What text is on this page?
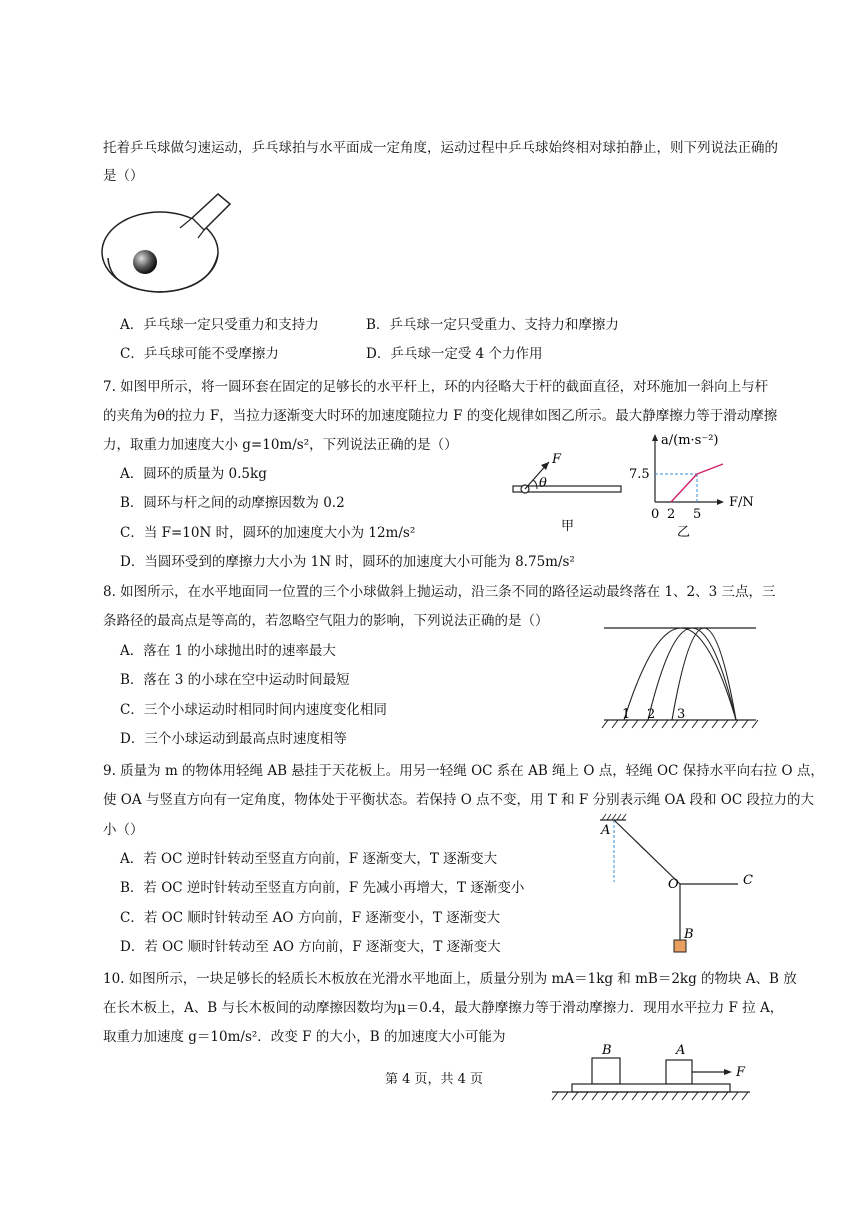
托着乒乓球做匀速运动，乒乓球拍与水平面成一定角度，运动过程中乒乓球始终相对球拍静止，则下列说法正确的
是（）
A．乒乓球一定只受重力和支持力	B．乒乓球一定只受重力、支持力和摩擦力
C．乒乓球可能不受摩擦力	D．乒乓球一定受 4 个力作用
7. 如图甲所示，将一圆环套在固定的足够长的水平杆上，环的内径略大于杆的截面直径，对环施加一斜向上与杆
的夹角为θ的拉力 F，当拉力逐渐变大时环的加速度随拉力 F 的变化规律如图乙所示。最大静摩擦力等于滑动摩擦
力，取重力加速度大小 g=10m/s²，下列说法正确的是（）
A．圆环的质量为 0.5kg
B．圆环与杆之间的动摩擦因数为 0.2
C．当 F=10N 时，圆环的加速度大小为 12m/s²
D．当圆环受到的摩擦力大小为 1N 时，圆环的加速度大小可能为 8.75m/s²
F
θ
甲
a/(m·s⁻²)
F/N
7.5
0 2 5
乙
8. 如图所示，在水平地面同一位置的三个小球做斜上抛运动，沿三条不同的路径运动最终落在 1、2、3 三点，三
条路径的最高点是等高的，若忽略空气阻力的影响，下列说法正确的是（）
A．落在 1 的小球抛出时的速率最大
B．落在 3 的小球在空中运动时间最短
C．三个小球运动时相同时间内速度变化相同
D．三个小球运动到最高点时速度相等
1 2 3
9. 质量为 m 的物体用轻绳 AB 悬挂于天花板上。用另一轻绳 OC 系在 AB 绳上 O 点，轻绳 OC 保持水平向右拉 O 点，
使 OA 与竖直方向有一定角度，物体处于平衡状态。若保持 O 点不变，用 T 和 F 分别表示绳 OA 段和 OC 段拉力的大
小（）
A．若 OC 逆时针转动至竖直方向前，F 逐渐变大，T 逐渐变大
B．若 OC 逆时针转动至竖直方向前，F 先减小再增大，T 逐渐变小
C．若 OC 顺时针转动至 AO 方向前，F 逐渐变小，T 逐渐变大
D．若 OC 顺时针转动至 AO 方向前，F 逐渐变大，T 逐渐变大
A
O	C
B
10. 如图所示，一块足够长的轻质长木板放在光滑水平地面上，质量分别为 mA＝1kg 和 mB＝2kg 的物块 A、B 放
在长木板上，A、B 与长木板间的动摩擦因数均为μ＝0.4，最大静摩擦力等于滑动摩擦力．现用水平拉力 F 拉 A，
取重力加速度 g＝10m/s²．改变 F 的大小，B 的加速度大小可能为
B	A
F
第 4 页，共 4 页
